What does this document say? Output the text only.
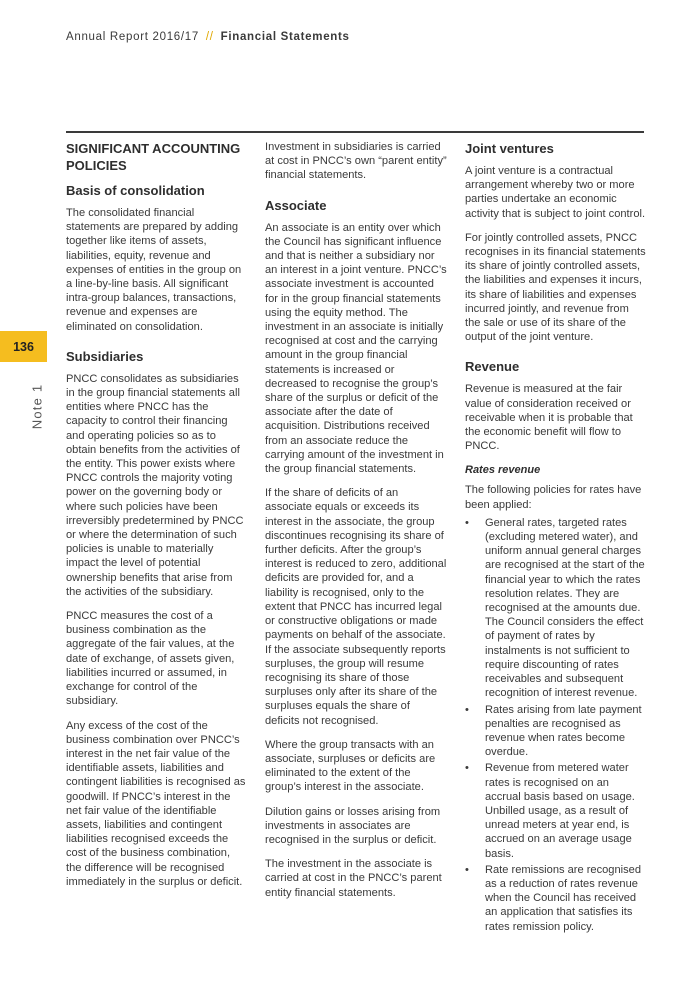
Annual Report 2016/17 // Financial Statements
136
Note 1
SIGNIFICANT ACCOUNTING POLICIES
Basis of consolidation

The consolidated financial statements are prepared by adding together like items of assets, liabilities, equity, revenue and expenses of entities in the group on a line-by-line basis. All significant intra-group balances, transactions, revenue and expenses are eliminated on consolidation.

Subsidiaries

PNCC consolidates as subsidiaries in the group financial statements all entities where PNCC has the capacity to control their financing and operating policies so as to obtain benefits from the activities of the entity. This power exists where PNCC controls the majority voting power on the governing body or where such policies have been irreversibly predetermined by PNCC or where the determination of such policies is unable to materially impact the level of potential ownership benefits that arise from the activities of the subsidiary.

PNCC measures the cost of a business combination as the aggregate of the fair values, at the date of exchange, of assets given, liabilities incurred or assumed, in exchange for control of the subsidiary.

Any excess of the cost of the business combination over PNCC’s interest in the net fair value of the identifiable assets, liabilities and contingent liabilities is recognised as goodwill. If PNCC’s interest in the net fair value of the identifiable assets, liabilities and contingent liabilities recognised exceeds the cost of the business combination, the difference will be recognised immediately in the surplus or deficit.

Investment in subsidiaries is carried at cost in PNCC’s own “parent entity” financial statements.

Associate

An associate is an entity over which the Council has significant influence and that is neither a subsidiary nor an interest in a joint venture. PNCC’s associate investment is accounted for in the group financial statements using the equity method. The investment in an associate is initially recognised at cost and the carrying amount in the group financial statements is increased or decreased to recognise the group’s share of the surplus or deficit of the associate after the date of acquisition. Distributions received from an associate reduce the carrying amount of the investment in the group financial statements.

If the share of deficits of an associate equals or exceeds its interest in the associate, the group discontinues recognising its share of further deficits. After the group’s interest is reduced to zero, additional deficits are provided for, and a liability is recognised, only to the extent that PNCC has incurred legal or constructive obligations or made payments on behalf of the associate. If the associate subsequently reports surpluses, the group will resume recognising its share of those surpluses only after its share of the surpluses equals the share of deficits not recognised.

Where the group transacts with an associate, surpluses or deficits are eliminated to the extent of the group’s interest in the associate.

Dilution gains or losses arising from investments in associates are recognised in the surplus or deficit.

The investment in the associate is carried at cost in the PNCC’s parent entity financial statements.

Joint ventures

A joint venture is a contractual arrangement whereby two or more parties undertake an economic activity that is subject to joint control.

For jointly controlled assets, PNCC recognises in its financial statements its share of jointly controlled assets, the liabilities and expenses it incurs, its share of liabilities and expenses incurred jointly, and revenue from the sale or use of its share of the output of the joint venture.

Revenue

Revenue is measured at the fair value of consideration received or receivable when it is probable that the economic benefit will flow to PNCC.

Rates revenue

The following policies for rates have been applied:

• General rates, targeted rates (excluding metered water), and uniform annual general charges are recognised at the start of the financial year to which the rates resolution relates. They are recognised at the amounts due. The Council considers the effect of payment of rates by instalments is not sufficient to require discounting of rates receivables and subsequent recognition of interest revenue.
• Rates arising from late payment penalties are recognised as revenue when rates become overdue.
• Revenue from metered water rates is recognised on an accrual basis based on usage. Unbilled usage, as a result of unread meters at year end, is accrued on an average usage basis.
• Rate remissions are recognised as a reduction of rates revenue when the Council has received an application that satisfies its rates remission policy.
